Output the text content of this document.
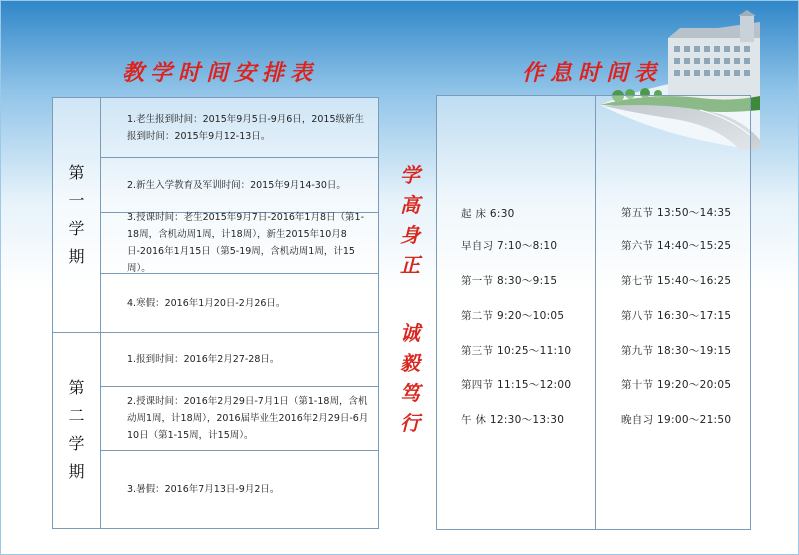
教学时间安排表	作息时间表
第一学期
第二学期
1.老生报到时间：2015年9月5日-9月6日，2015级新生报到时间：2015年9月12-13日。
2.新生入学教育及军训时间：2015年9月14-30日。
3.授课时间：老生2015年9月7日-2016年1月8日（第1-18周，含机动周1周，计18周），新生2015年10月8日-2016年1月15日（第5-19周，含机动周1周，计15周）。
4.寒假：2016年1月20日-2月26日。
1.报到时间：2016年2月27-28日。
2.授课时间：2016年2月29日-7月1日（第1-18周，含机动周1周，计18周），2016届毕业生2016年2月29日-6月10日（第1-15周，计15周）。
3.暑假：2016年7月13日-9月2日。
学高身正
诚毅笃行
起 床 6:30
早自习 7:10～8:10
第一节 8:30～9:15
第二节 9:20～10:05
第三节 10:25～11:10
第四节 11:15～12:00
午 休 12:30～13:30
第五节 13:50～14:35
第六节 14:40～15:25
第七节 15:40～16:25
第八节 16:30～17:15
第九节 18:30～19:15
第十节 19:20～20:05
晚自习 19:00～21:50
